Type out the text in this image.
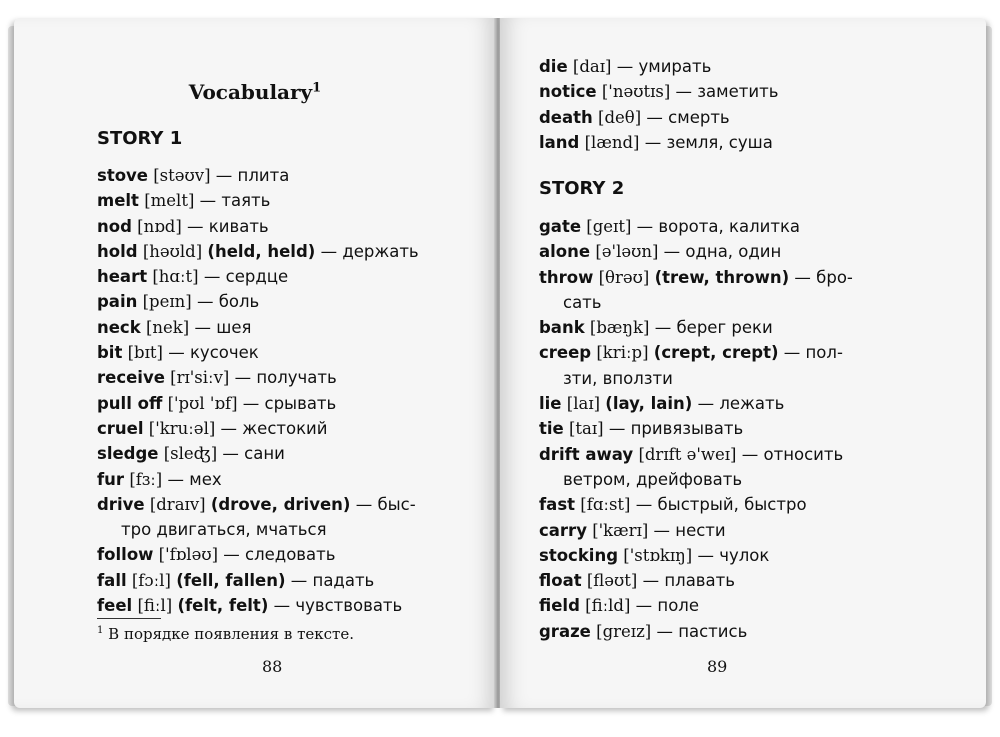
Vocabulary$^1$
STORY 1
stove [stəʊv] — плита
melt [melt] — таять
nod [nɒd] — кивать
hold [həʊld] (held, held) — держать
heart [hɑːt] — сердце
pain [peɪn] — боль
neck [nek] — шея
bit [bɪt] — кусочек
receive [rɪ'siːv] — получать
pull off ['pʊl 'ɒf] — срывать
cruel ['kruːəl] — жестокий
sledge [sleʤ] — сани
fur [fɜː] — мех
drive [draɪv] (drove, driven) — быс-
тро двигаться, мчаться
follow ['fɒləʊ] — следовать
fall [fɔːl] (fell, fallen) — падать
feel [fiːl] (felt, felt) — чувствовать
die [daɪ] — умирать
notice ['nəʊtɪs] — заметить
death [deθ] — смерть
land [lænd] — земля, суша
STORY 2
gate [geɪt] — ворота, калитка
alone [ə'ləʊn] — одна, один
throw [θrəʊ] (trew, thrown) — бро-
сать
bank [bæŋk] — берег реки
creep [kriːp] (crept, crept) — пол-
зти, вползти
lie [laɪ] (lay, lain) — лежать
tie [taɪ] — привязывать
drift away [drɪft ə'weɪ] — относить
ветром, дрейфовать
fast [fɑːst] — быстрый, быстро
carry ['kærɪ] — нести
stocking ['stɒkɪŋ] — чулок
float [fləʊt] — плавать
field [fiːld] — поле
graze [greɪz] — пастись
$^1$ В порядке появления в тексте.
88	89
